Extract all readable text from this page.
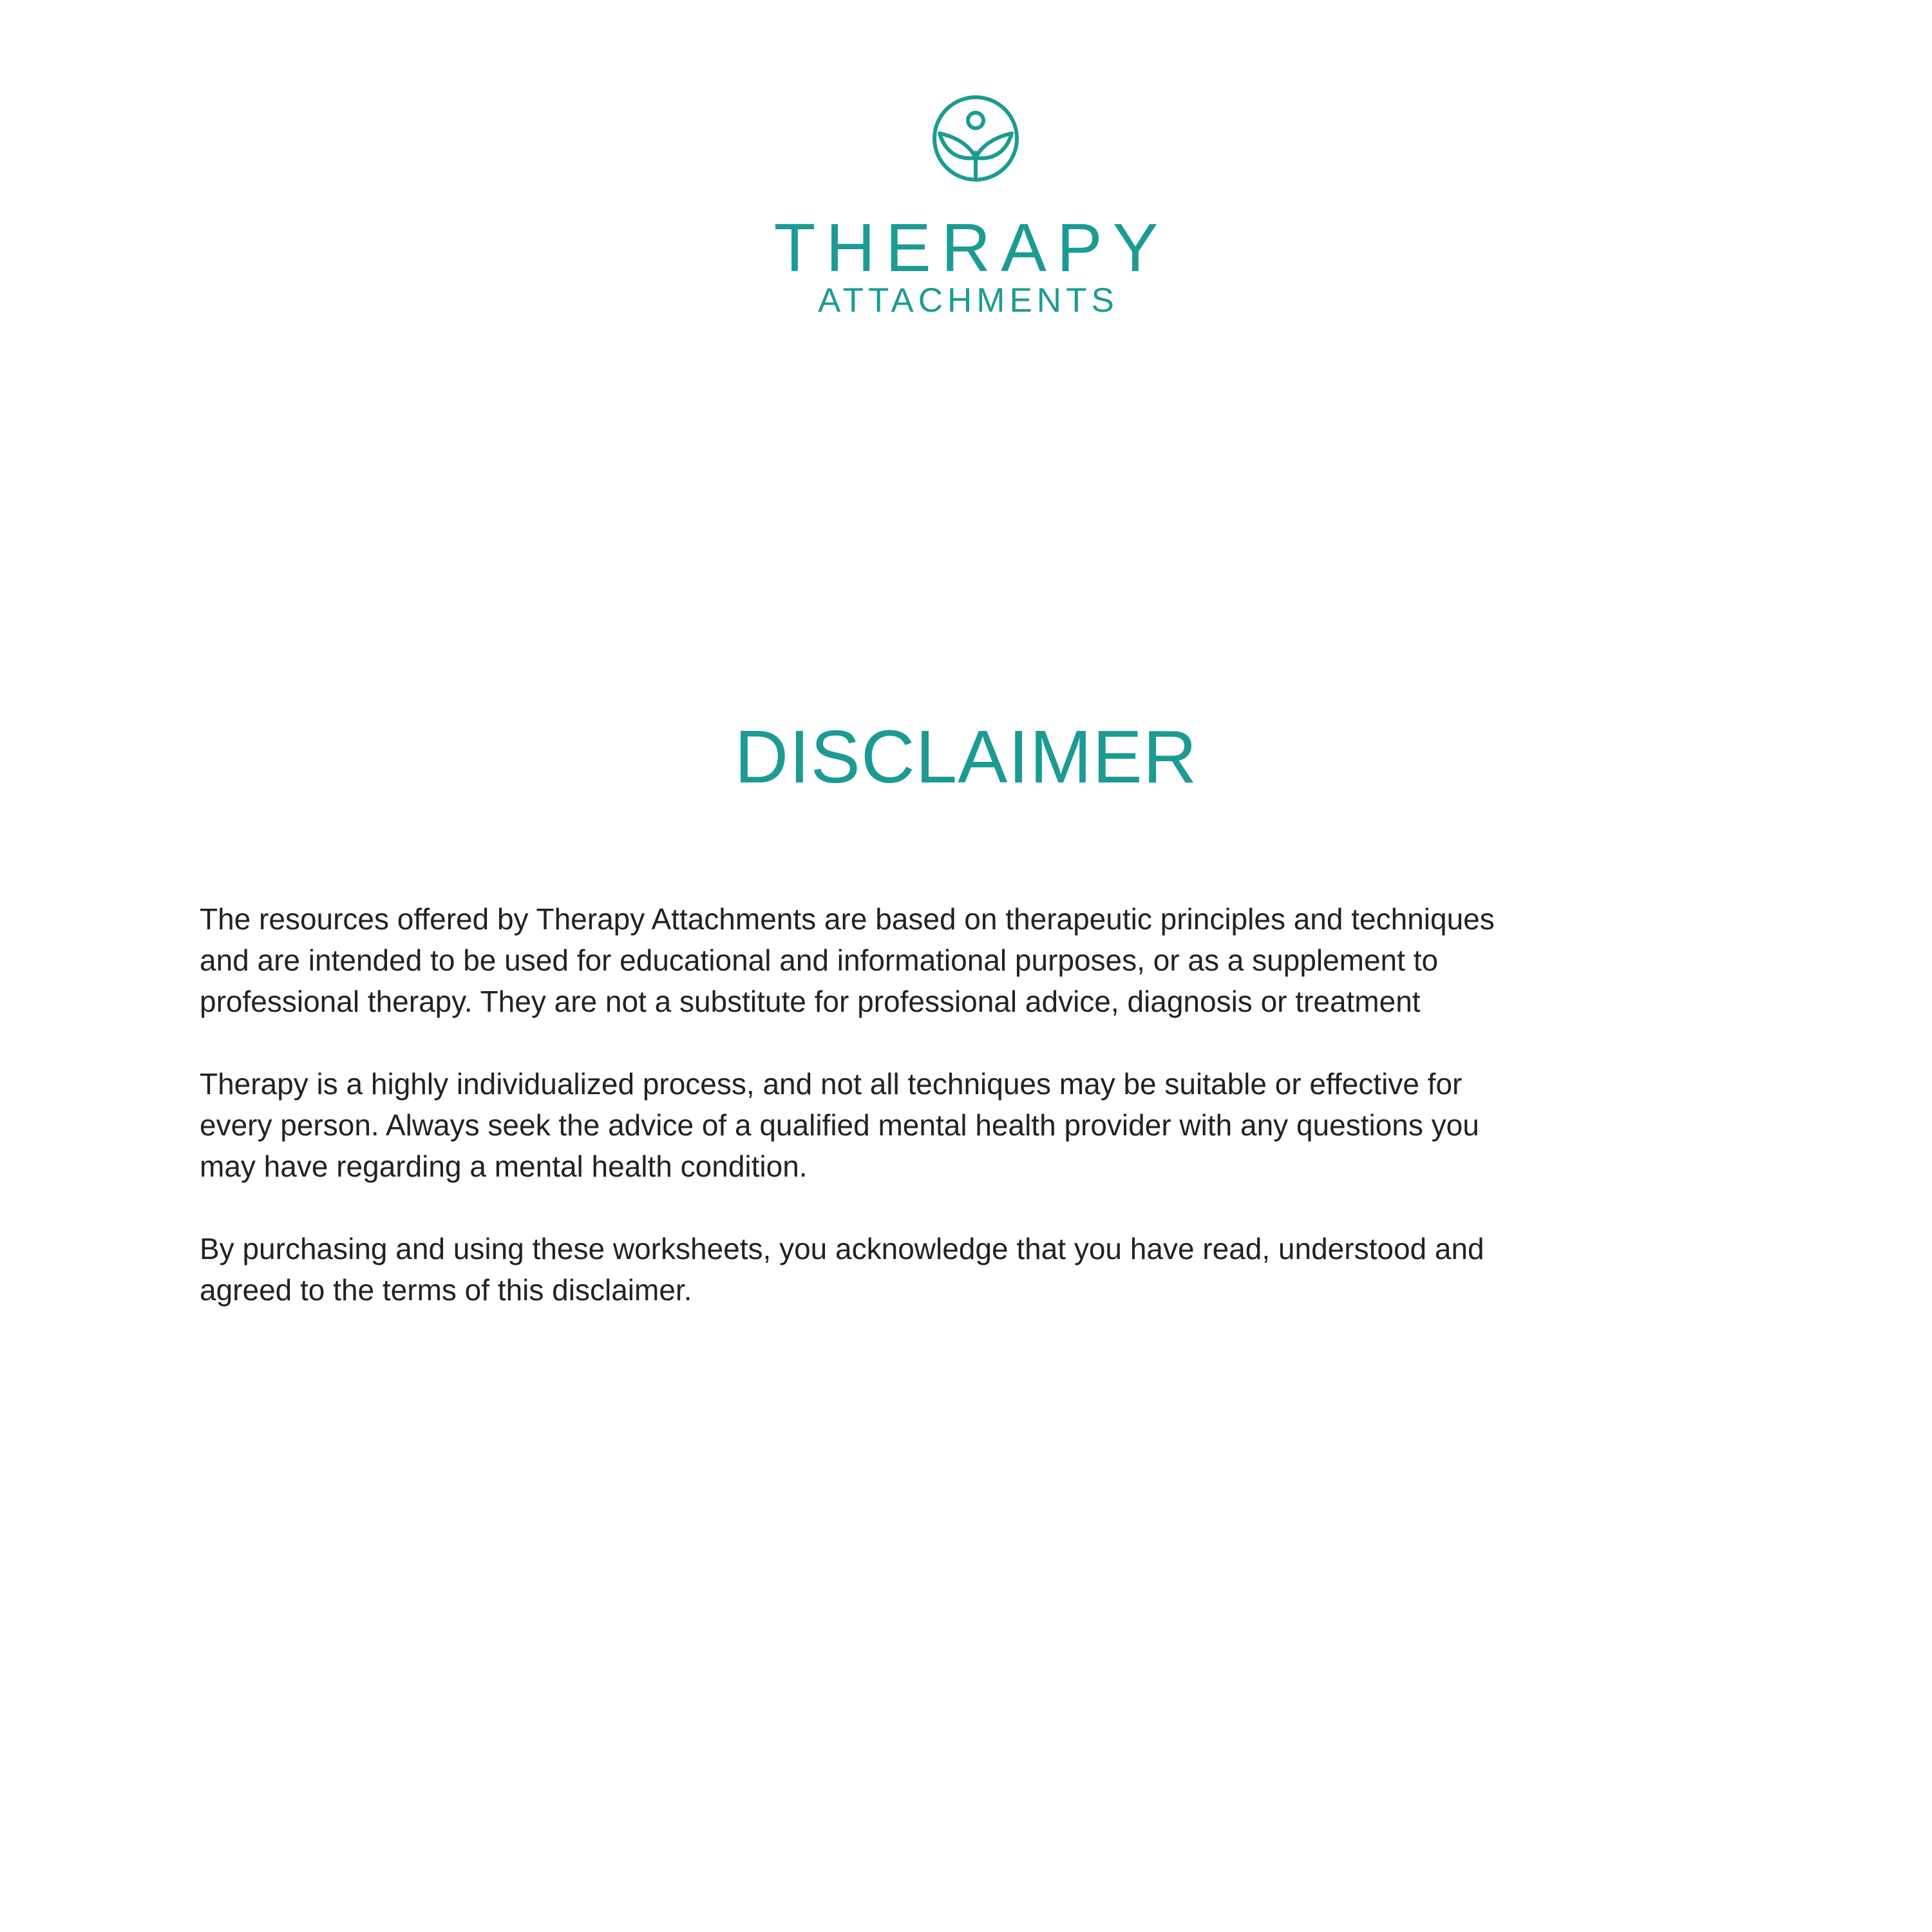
THERAPY
ATTACHMENTS
DISCLAIMER

The resources offered by Therapy Attachments are based on therapeutic principles and techniques
and are intended to be used for educational and informational purposes, or as a supplement to
professional therapy. They are not a substitute for professional advice, diagnosis or treatment

Therapy is a highly individualized process, and not all techniques may be suitable or effective for
every person. Always seek the advice of a qualified mental health provider with any questions you
may have regarding a mental health condition.

By purchasing and using these worksheets, you acknowledge that you have read, understood and
agreed to the terms of this disclaimer.
